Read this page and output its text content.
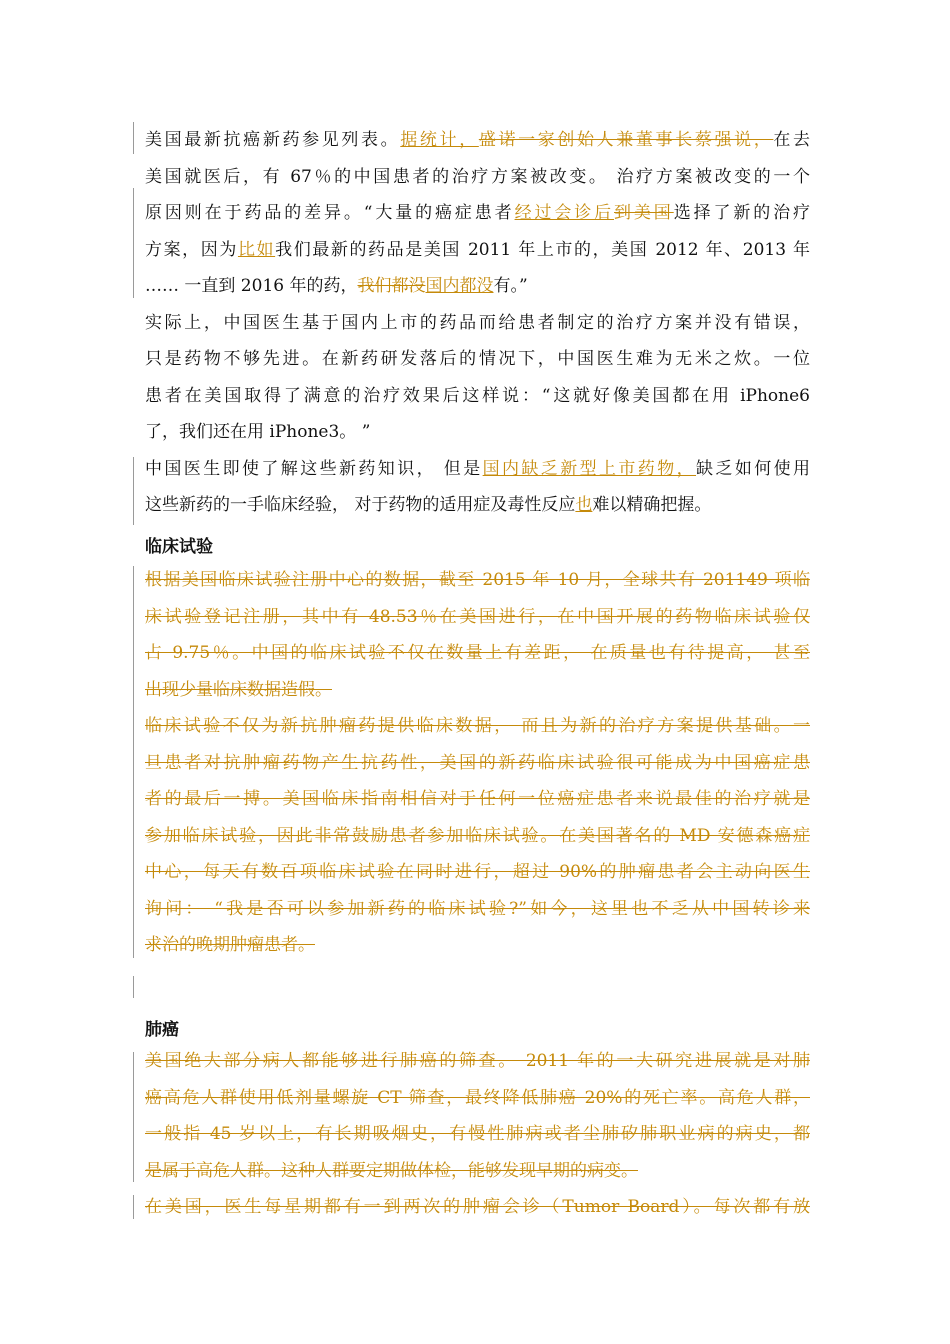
美国最新抗癌新药参见列表。据统计，盛诺一家创始人兼董事长蔡强说，在去
美国就医后，有 67％的中国患者的治疗方案被改变。 治疗方案被改变的一个
原因则在于药品的差异。“大量的癌症患者经过会诊后到美国选择了新的治疗
方案，因为比如我们最新的药品是美国 2011 年上市的，美国 2012 年、2013 年
…… 一直到 2016 年的药，我们都没国内都没有。”
实际上，中国医生基于国内上市的药品而给患者制定的治疗方案并没有错误，
只是药物不够先进。在新药研发落后的情况下，中国医生难为无米之炊。一位
患者在美国取得了满意的治疗效果后这样说：“这就好像美国都在用 iPhone6
了，我们还在用 iPhone3。 ”
中国医生即使了解这些新药知识， 但是国内缺乏新型上市药物，缺乏如何使用
这些新药的一手临床经验， 对于药物的适用症及毒性反应也难以精确把握。
临床试验
根据美国临床试验注册中心的数据，截至 2015 年 10 月，全球共有 201149 项临
床试验登记注册，其中有 48.53％在美国进行，在中国开展的药物临床试验仅
占 9.75％。中国的临床试验不仅在数量上有差距， 在质量也有待提高， 甚至
出现少量临床数据造假。
临床试验不仅为新抗肿瘤药提供临床数据， 而且为新的治疗方案提供基础。一
旦患者对抗肿瘤药物产生抗药性，美国的新药临床试验很可能成为中国癌症患
者的最后一搏。美国临床指南相信对于任何一位癌症患者来说最佳的治疗就是
参加临床试验，因此非常鼓励患者参加临床试验。在美国著名的 MD 安德森癌症
中心，每天有数百项临床试验在同时进行，超过 90%的肿瘤患者会主动向医生
询问： “我是否可以参加新药的临床试验?”如今，这里也不乏从中国转诊来
求治的晚期肿瘤患者。
肺癌
美国绝大部分病人都能够进行肺癌的筛查。 2011 年的一大研究进展就是对肺
癌高危人群使用低剂量螺旋 CT 筛查，最终降低肺癌 20%的死亡率。高危人群，
一般指 45 岁以上，有长期吸烟史，有慢性肺病或者尘肺矽肺职业病的病史，都
是属于高危人群。这种人群要定期做体检，能够发现早期的病变。
在美国，医生每星期都有一到两次的肿瘤会诊（Tumor Board）。每次都有放
